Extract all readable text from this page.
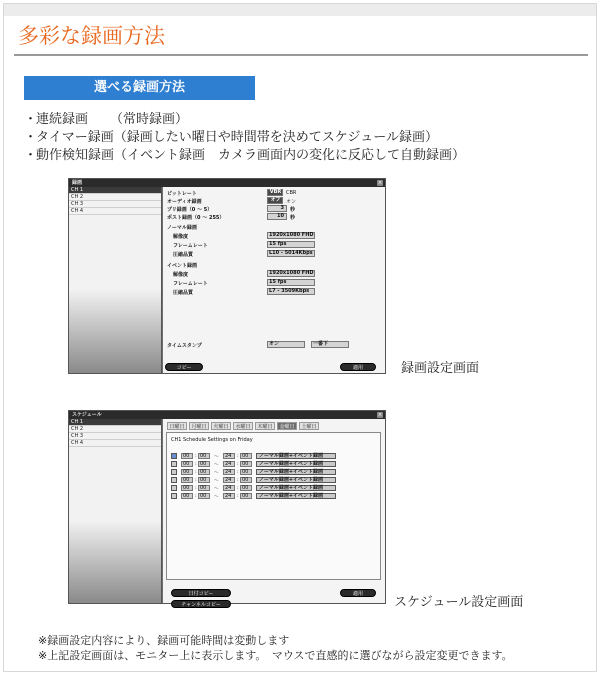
多彩な録画方法
選べる録画方法
・連続録画 （常時録画）
・タイマー録画（録画したい曜日や時間帯を決めてスケジュール録画）
・動作検知録画（イベント録画　カメラ画面内の変化に反応して自動録画）
録画	×
CH 1
CH 2
CH 3
CH 4
ビットレート	VBR CBR
オーディオ録画	オフ	オン
プリ録画（0 ～ 5）	3	秒
ポスト録画（0 ～ 255）	10	秒
ノーマル録画
解像度	1920x1080 FHD
フレームレート	15 fps
圧縮品質	L10 - 5014Kbps
イベント録画
解像度	1920x1080 FHD
フレームレート	15 fps
圧縮品質	L7 - 3509Kbps
タイムスタンプ	オン	一番下
適用
コピー	録画設定画面
スケジュール	×
CH 1
CH 2
CH 3
CH 4
日曜日	月曜日	火曜日	水曜日	木曜日	金曜日	土曜日
CH1 Schedule Settings on Friday
00	: 00	～	24	: 00	ノーマル録画+イベント録画
00	: 00	～	24	: 00	ノーマル録画+イベント録画
00	: 00	～	24	: 00	ノーマル録画+イベント録画
00	: 00	～	24	: 00	ノーマル録画+イベント録画
00	: 00	～	24	: 00	ノーマル録画+イベント録画
00	: 00	～	24	: 00	ノーマル録画+イベント録画
日付コピー	適用
チャンネルコピー	スケジュール設定画面
※録画設定内容により、録画可能時間は変動します
※上記設定画面は、モニター上に表示します。　マウスで直感的に選びながら設定変更できます。
